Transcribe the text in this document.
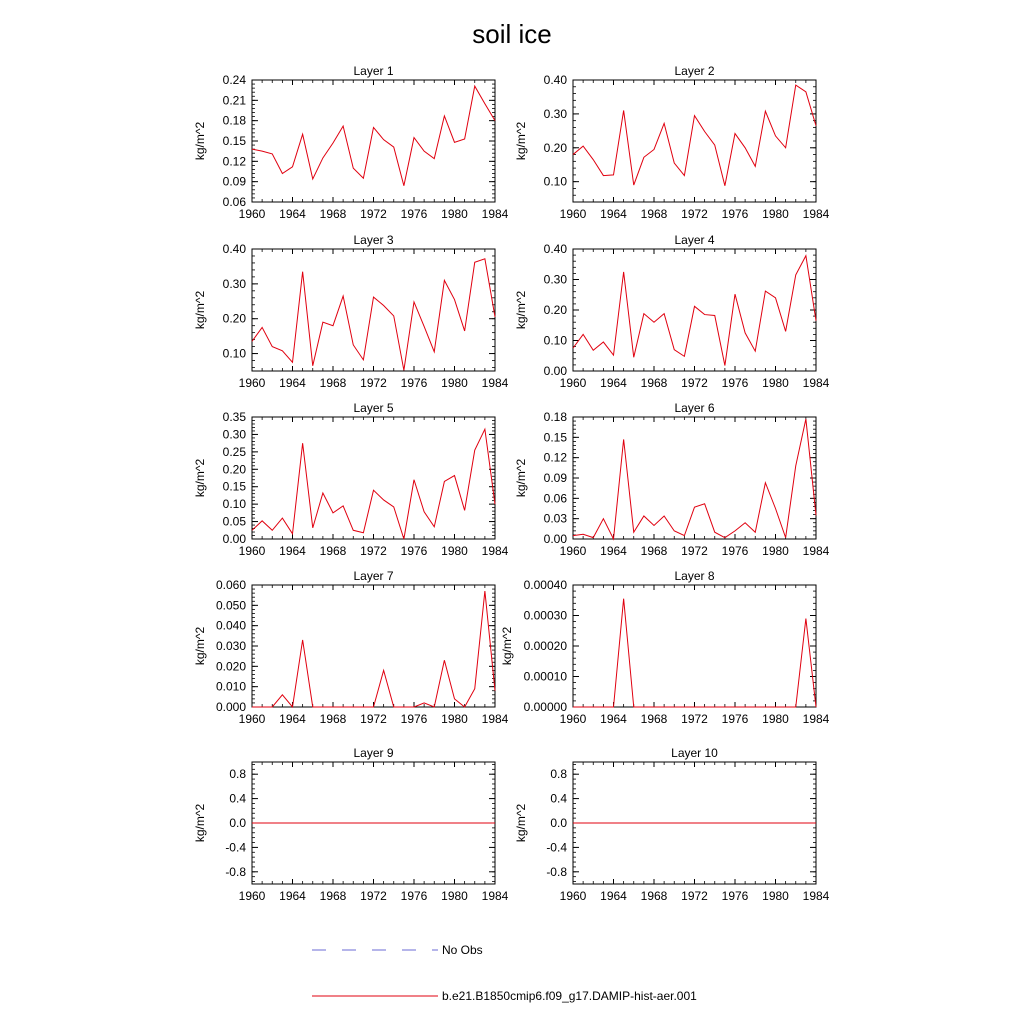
soil ice
Layer 1
kg/m^2
1960 1964 1968 1972 1976 1980 1984
0.06
0.09
0.12
0.15
0.18
0.21
0.24
Layer 2
kg/m^2
1960 1964 1968 1972 1976 1980 1984
0.10
0.20
0.30
0.40
Layer 3
kg/m^2
1960 1964 1968 1972 1976 1980 1984
0.10
0.20
0.30
0.40
Layer 4
kg/m^2
1960 1964 1968 1972 1976 1980 1984
0.00
0.10
0.20
0.30
0.40
Layer 5
kg/m^2
1960 1964 1968 1972 1976 1980 1984
0.00
0.05
0.10
0.15
0.20
0.25
0.30
0.35
Layer 6
kg/m^2
1960 1964 1968 1972 1976 1980 1984
0.00
0.03
0.06
0.09
0.12
0.15
0.18
Layer 7
kg/m^2
1960 1964 1968 1972 1976 1980 1984
0.000
0.010
0.020
0.030
0.040
0.050
0.060
Layer 8
kg/m^2
1960 1964 1968 1972 1976 1980 1984
0.00000
0.00010
0.00020
0.00030
0.00040
Layer 9
kg/m^2
1960 1964 1968 1972 1976 1980 1984
-0.8
-0.4
0.0
0.4
0.8
Layer 10
kg/m^2
1960 1964 1968 1972 1976 1980 1984
-0.8
-0.4
0.0
0.4
0.8
No Obs
b.e21.B1850cmip6.f09_g17.DAMIP-hist-aer.001
